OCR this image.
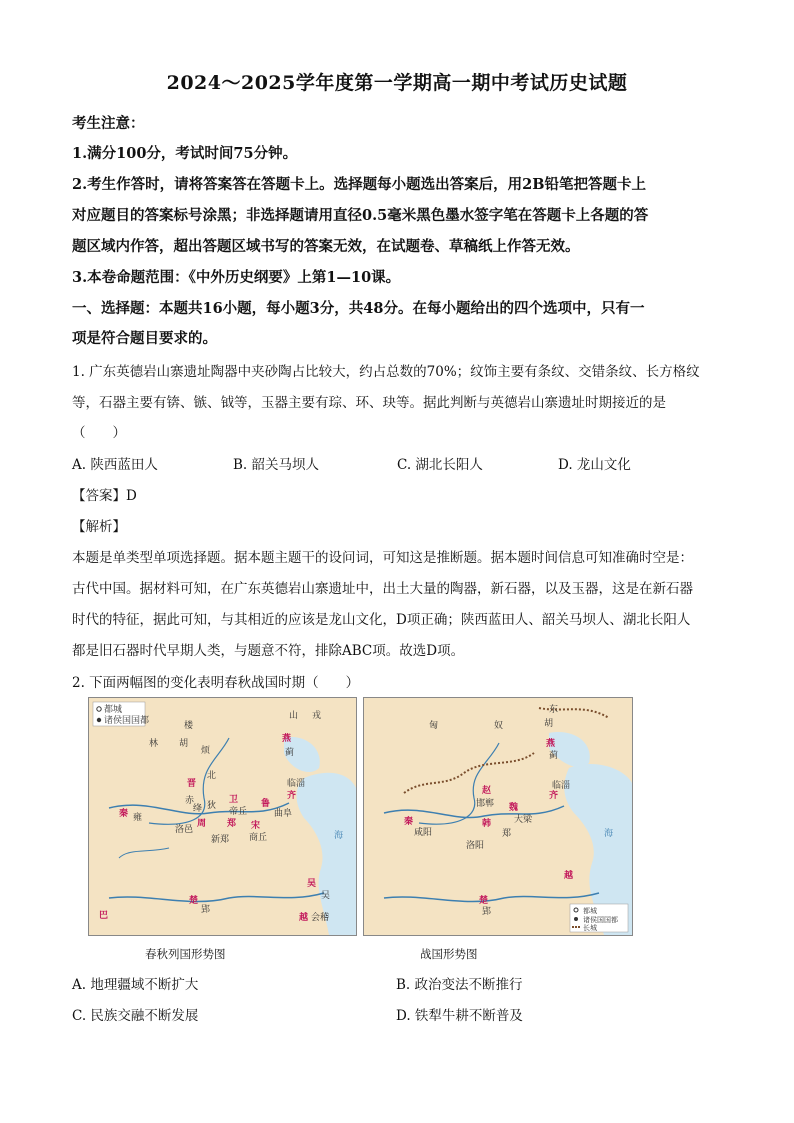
2024～2025学年度第一学期高一期中考试历史试题
考生注意：
1.满分100分，考试时间75分钟。
2.考生作答时，请将答案答在答题卡上。选择题每小题选出答案后，用2B铅笔把答题卡上
对应题目的答案标号涂黑；非选择题请用直径0.5毫米黑色墨水签字笔在答题卡上各题的答
题区域内作答，超出答题区域书写的答案无效，在试题卷、草稿纸上作答无效。
3.本卷命题范围：《中外历史纲要》上第1—10课。
一、选择题：本题共16小题，每小题3分，共48分。在每小题给出的四个选项中，只有一
项是符合题目要求的。
1. 广东英德岩山寨遗址陶器中夹砂陶占比较大，约占总数的70%；纹饰主要有条纹、交错条纹、长方格纹
等，石器主要有锛、镞、钺等，玉器主要有琮、环、玦等。据此判断与英德岩山寨遗址时期接近的是
（　　）
A. 陕西蓝田人	B. 韶关马坝人	C. 湖北长阳人	D. 龙山文化
【答案】D
【解析】
本题是单类型单项选择题。据本题主题干的设问词，可知这是推断题。据本题时间信息可知准确时空是：
古代中国。据材料可知，在广东英德岩山寨遗址中，出土大量的陶器，新石器，以及玉器，这是在新石器
时代的特征，据此可知，与其相近的应该是龙山文化，D项正确；陕西蓝田人、韶关马坝人、湖北长阳人
都是旧石器时代早期人类，与题意不符，排除ABC项。故选D项。
2. 下面两幅图的变化表明春秋战国时期（　　）
都城
诸侯国国都	楼
林 胡
烦
北
山 戎
燕
蓟
赤 狄
晋
绛
临淄
齐
曲阜
鲁
帝丘
卫
秦 雍
洛邑
周 郑
新郑
宋
商丘
吴
吴
楚
郢
巴	越 会稽
海
春秋列国形势图
都城
诸侯国国都
长城
东
匈	奴	胡
燕
蓟
赵
邯郸
齐
临淄
魏
大梁
秦
咸阳
洛阳
韩
郑
楚
郢
越
海
战国形势图
A. 地理疆域不断扩大	B. 政治变法不断推行
C. 民族交融不断发展	D. 铁犁牛耕不断普及
